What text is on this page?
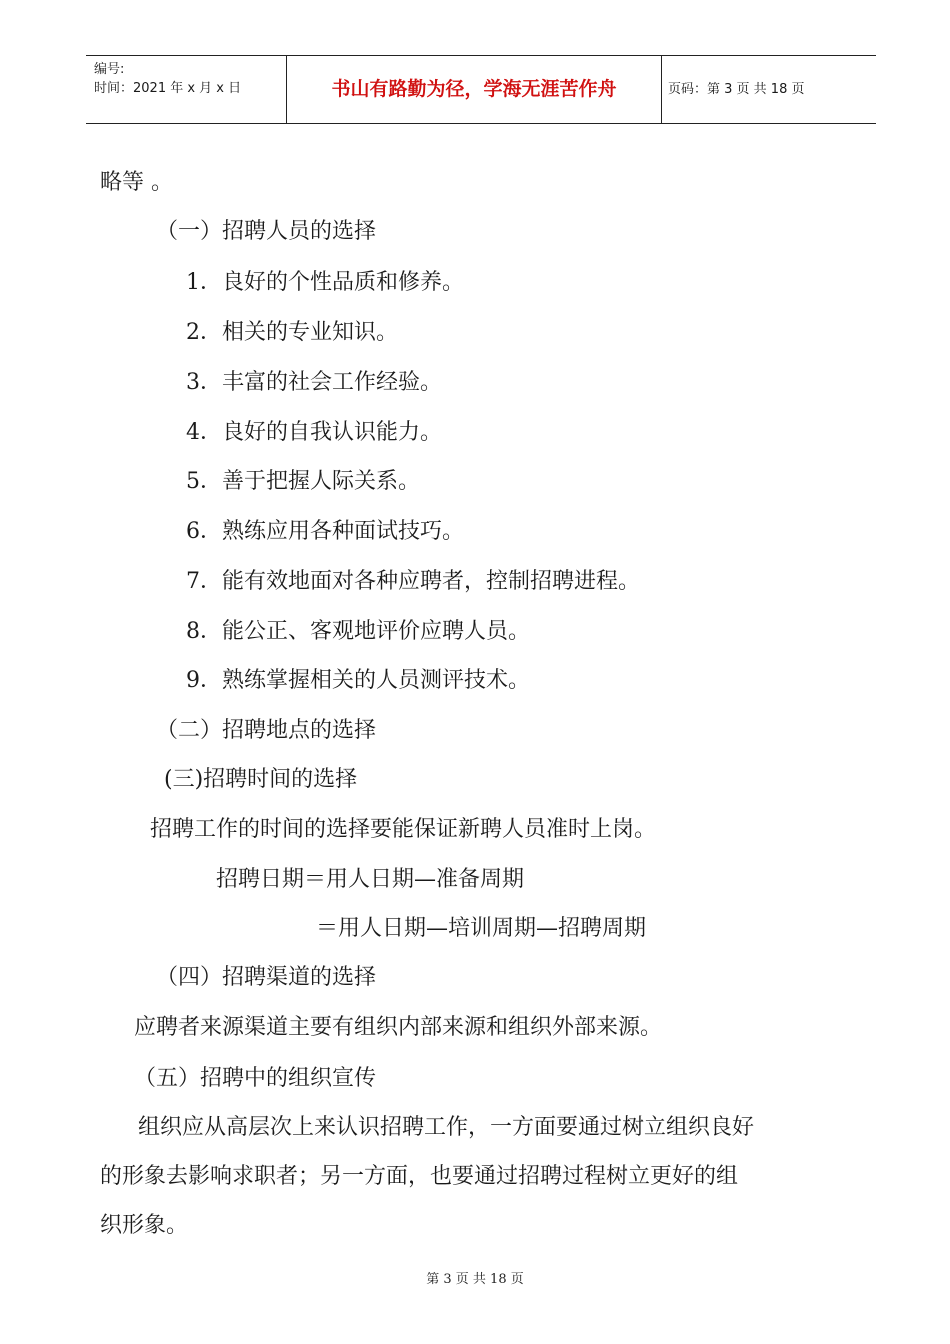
编号:
时间：2021 年 x 月 x 日	书山有路勤为径，学海无涯苦作舟	页码：第 3 页 共 18 页
略等 。
（一）招聘人员的选择
1．良好的个性品质和修养。
2．相关的专业知识。
3．丰富的社会工作经验。
4．良好的自我认识能力。
5．善于把握人际关系。
6．熟练应用各种面试技巧。
7．能有效地面对各种应聘者，控制招聘进程。
8．能公正、客观地评价应聘人员。
9．熟练掌握相关的人员测评技术。
（二）招聘地点的选择
(三)招聘时间的选择
招聘工作的时间的选择要能保证新聘人员准时上岗。
招聘日期＝用人日期—准备周期
＝用人日期—培训周期—招聘周期
（四）招聘渠道的选择
应聘者来源渠道主要有组织内部来源和组织外部来源。
（五）招聘中的组织宣传
组织应从高层次上来认识招聘工作，一方面要通过树立组织良好
的形象去影响求职者；另一方面，也要通过招聘过程树立更好的组
织形象。
第 3 页 共 18 页
